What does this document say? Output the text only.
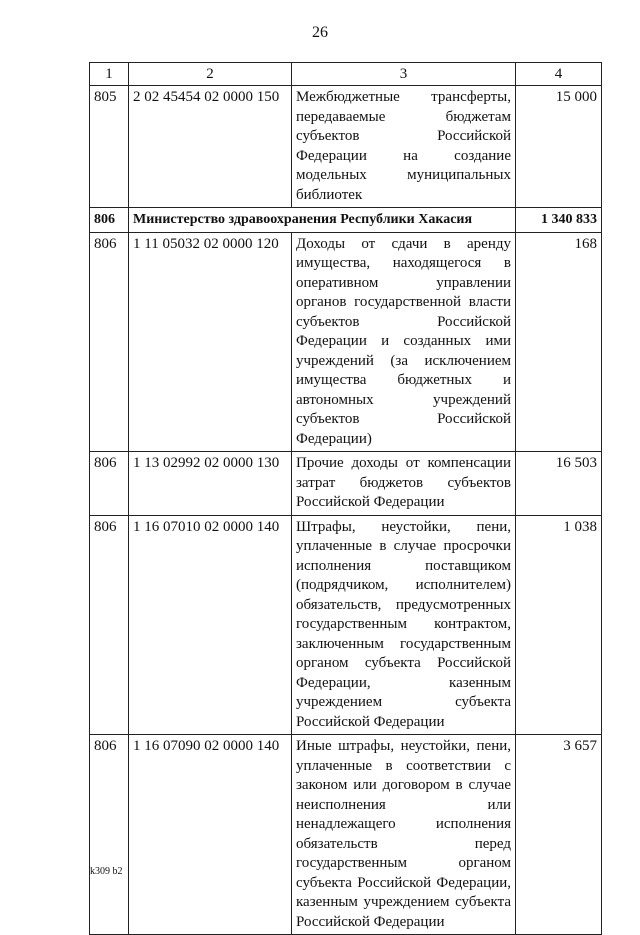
26
1	2	3	4
805	2 02 45454 02 0000 150	Межбюджетные трансферты, передаваемые бюджетам субъектов Российской Федерации на создание модельных муниципальных библиотек	15 000
806	Министерство здравоохранения Республики Хакасия		1 340 833
806	1 11 05032 02 0000 120	Доходы от сдачи в аренду имущества, находящегося в оперативном управлении органов государственной власти субъектов Российской Федерации и созданных ими учреждений (за исключением имущества бюджетных и автономных учреждений субъектов Российской Федерации)	168
806	1 13 02992 02 0000 130	Прочие доходы от компенсации затрат бюджетов субъектов Российской Федерации	16 503
806	1 16 07010 02 0000 140	Штрафы, неустойки, пени, уплаченные в случае просрочки исполнения поставщиком (подрядчиком, исполнителем) обязательств, предусмотренных государственным контрактом, заключенным государственным органом субъекта Российской Федерации, казенным учреждением субъекта Российской Федерации	1 038
806	1 16 07090 02 0000 140	Иные штрафы, неустойки, пени, уплаченные в соответствии с законом или договором в случае неисполнения или ненадлежащего исполнения обязательств перед государственным органом субъекта Российской Федерации, казенным учреждением субъекта Российской Федерации	3 657
k309 b2
